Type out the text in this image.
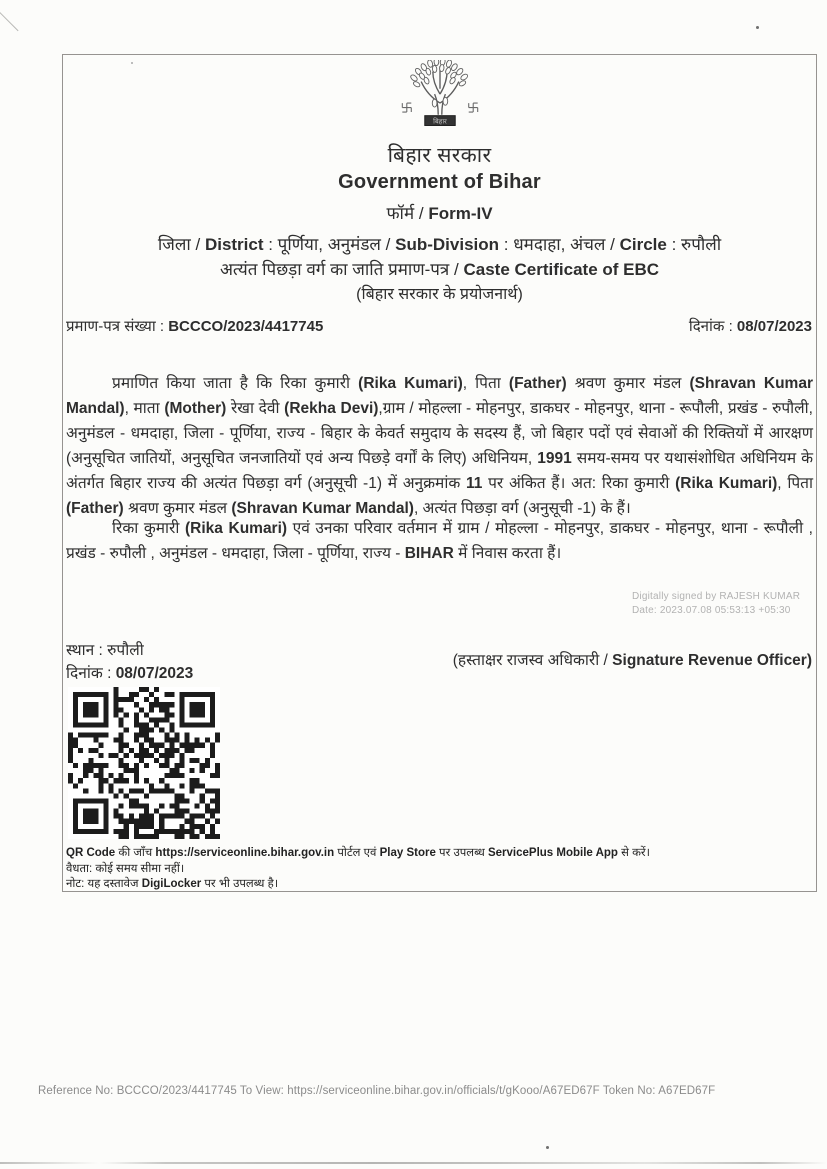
बिहार
बिहार सरकार
Government of Bihar
फॉर्म / Form-IV
जिला / District : पूर्णिया, अनुमंडल / Sub-Division : धमदाहा, अंचल / Circle : रुपौली
अत्यंत पिछड़ा वर्ग का जाति प्रमाण-पत्र / Caste Certificate of EBC
(बिहार सरकार के प्रयोजनार्थ)
प्रमाण-पत्र संख्या : BCCCO/2023/4417745	दिनांक : 08/07/2023
प्रमाणित किया जाता है कि रिका कुमारी (Rika Kumari), पिता (Father) श्रवण कुमार मंडल (Shravan Kumar Mandal), माता (Mother) रेखा देवी (Rekha Devi),ग्राम / मोहल्ला - मोहनपुर, डाकघर - मोहनपुर, थाना - रूपौली, प्रखंड - रुपौली, अनुमंडल - धमदाहा, जिला - पूर्णिया, राज्य - बिहार के केवर्त समुदाय के सदस्य हैं, जो बिहार पदों एवं सेवाओं की रिक्तियों में आरक्षण (अनुसूचित जातियों, अनुसूचित जनजातियों एवं अन्य पिछड़े वर्गों के लिए) अधिनियम, 1991 समय-समय पर यथासंशोधित अधिनियम के अंतर्गत बिहार राज्य की अत्यंत पिछड़ा वर्ग (अनुसूची -1) में अनुक्रमांक 11 पर अंकित हैं। अत: रिका कुमारी (Rika Kumari), पिता (Father) श्रवण कुमार मंडल (Shravan Kumar Mandal), अत्यंत पिछड़ा वर्ग (अनुसूची -1) के हैं।
रिका कुमारी (Rika Kumari) एवं उनका परिवार वर्तमान में ग्राम / मोहल्ला - मोहनपुर, डाकघर - मोहनपुर, थाना - रूपौली , प्रखंड - रुपौली , अनुमंडल - धमदाहा, जिला - पूर्णिया, राज्य - BIHAR में निवास करता हैं।
Digitally signed by RAJESH KUMAR
Date: 2023.07.08 05:53:13 +05:30
स्थान : रुपौली
दिनांक : 08/07/2023
(हस्ताक्षर राजस्व अधिकारी / Signature Revenue Officer)
QR Code की जाँच https://serviceonline.bihar.gov.in पोर्टल एवं Play Store पर उपलब्ध ServicePlus Mobile App से करें।
वैधता: कोई समय सीमा नहीं।
नोट: यह दस्तावेज DigiLocker पर भी उपलब्ध है।
Reference No: BCCCO/2023/4417745 To View: https://serviceonline.bihar.gov.in/officials/t/gKooo/A67ED67F Token No: A67ED67F
